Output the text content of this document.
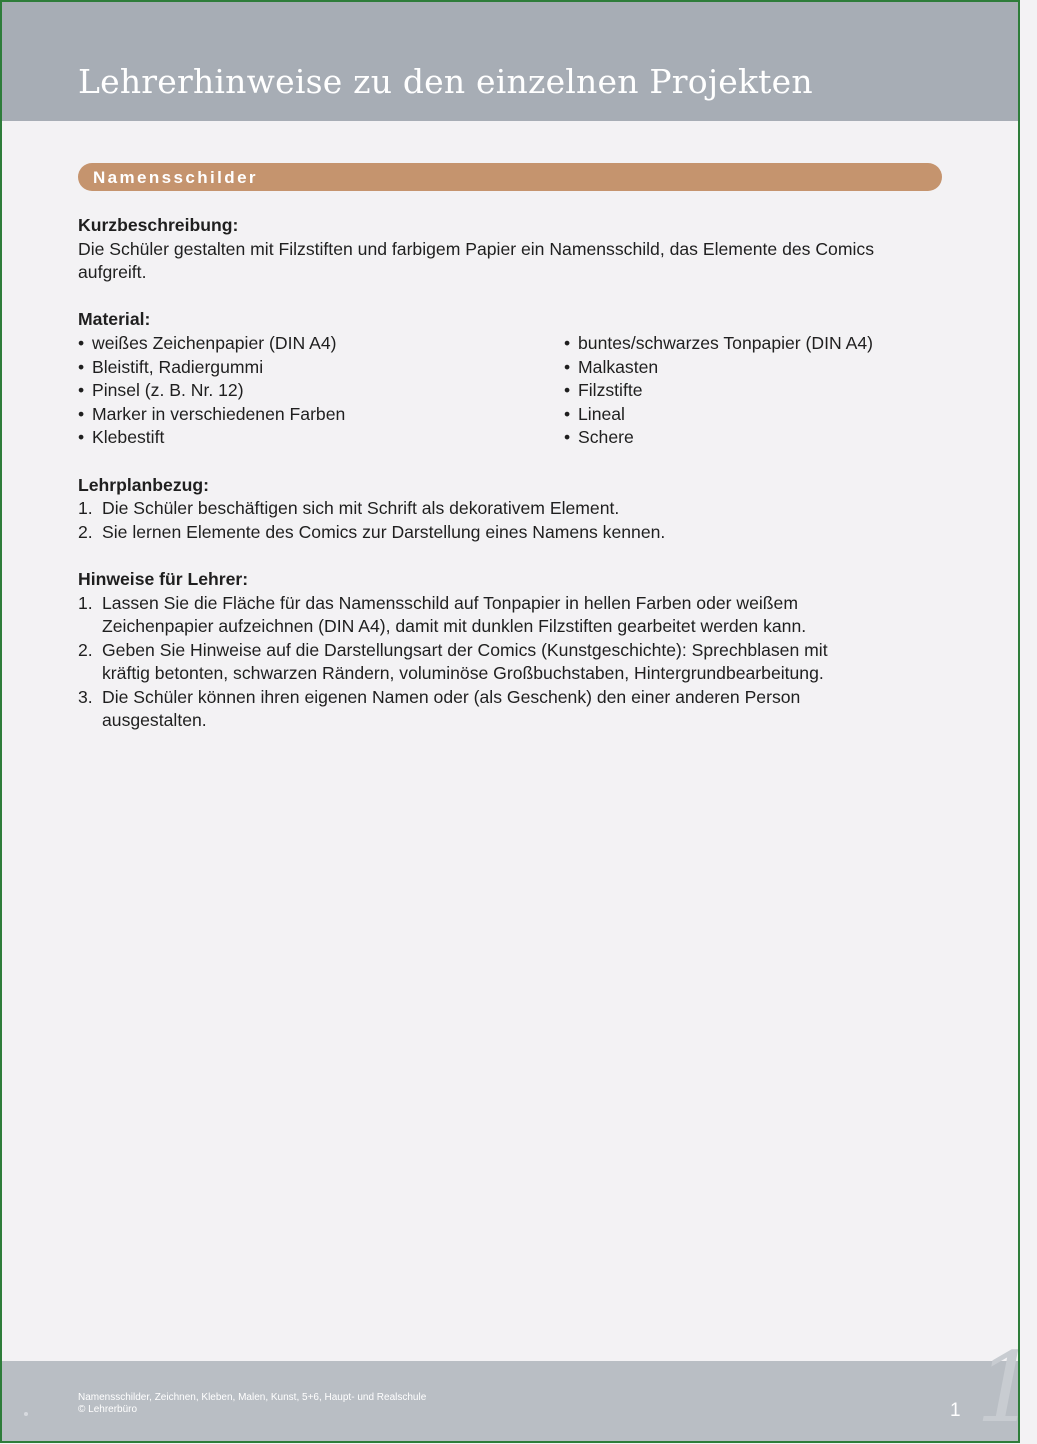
Lehrerhinweise zu den einzelnen Projekten
Namensschilder

Kurzbeschreibung:

Die Schüler gestalten mit Filzstiften und farbigem Papier ein Namensschild, das Elemente des Comics

aufgreift.

Material:

• weißes Zeichenpapier (DIN A4)
• Bleistift, Radiergummi
• Pinsel (z. B. Nr. 12)
• Marker in verschiedenen Farben
• Klebestift
• buntes/schwarzes Tonpapier (DIN A4)
• Malkasten
• Filzstifte
• Lineal
• Schere

Lehrplanbezug:

1. Die Schüler beschäftigen sich mit Schrift als dekorativem Element.
2. Sie lernen Elemente des Comics zur Darstellung eines Namens kennen.

Hinweise für Lehrer:

1. Lassen Sie die Fläche für das Namensschild auf Tonpapier in hellen Farben oder weißem
Zeichenpapier aufzeichnen (DIN A4), damit mit dunklen Filzstiften gearbeitet werden kann.
2. Geben Sie Hinweise auf die Darstellungsart der Comics (Kunstgeschichte): Sprechblasen mit
kräftig betonten, schwarzen Rändern, voluminöse Großbuchstaben, Hintergrundbearbeitung.
3. Die Schüler können ihren eigenen Namen oder (als Geschenk) den einer anderen Person
ausgestalten.
1
Namensschilder, Zeichnen, Kleben, Malen, Kunst, 5+6, Haupt- und Realschule
© Lehrerbüro	1
